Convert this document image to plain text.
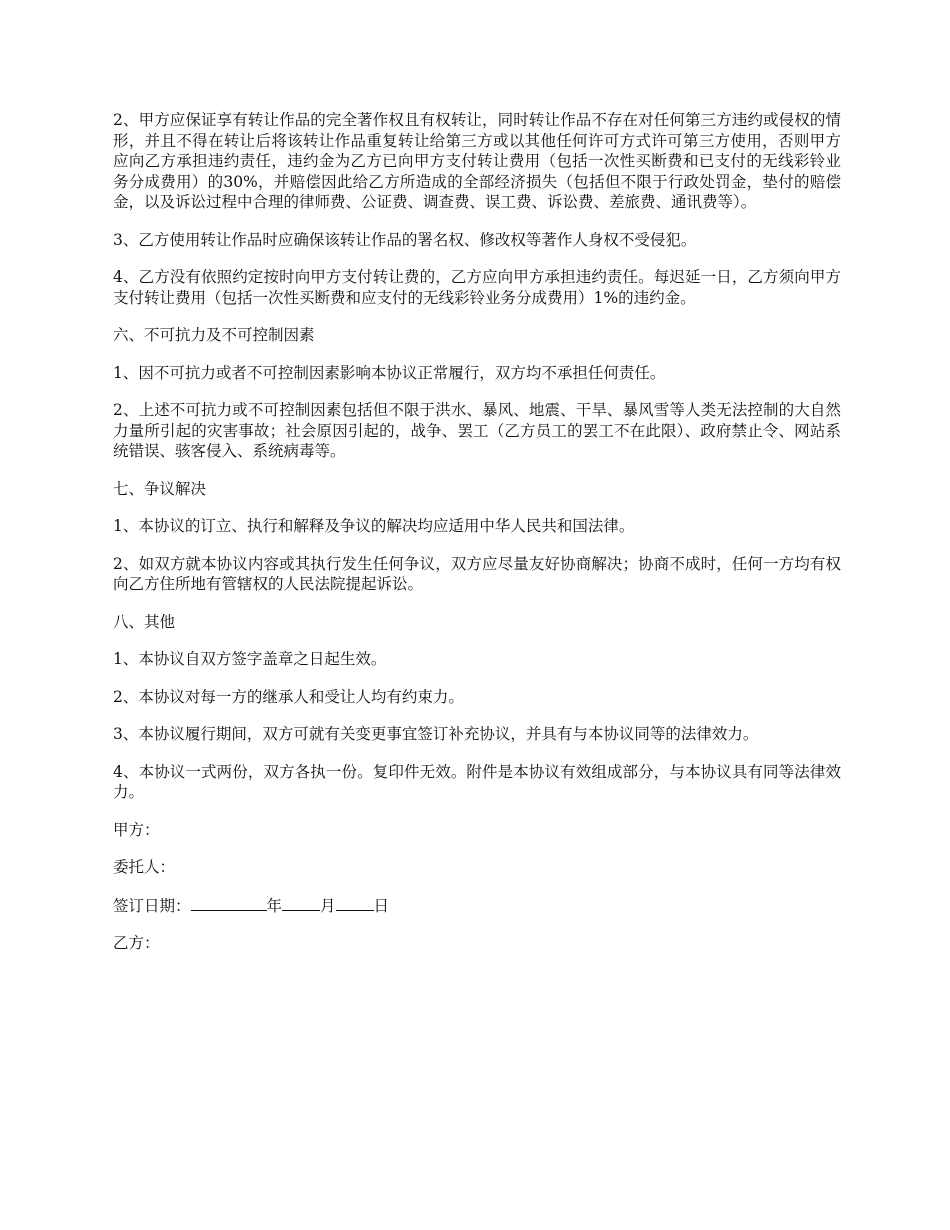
2、甲方应保证享有转让作品的完全著作权且有权转让，同时转让作品不存在对任何第三方违约或侵权的情形，并且不得在转让后将该转让作品重复转让给第三方或以其他任何许可方式许可第三方使用，否则甲方应向乙方承担违约责任，违约金为乙方已向甲方支付转让费用（包括一次性买断费和已支付的无线彩铃业务分成费用）的30%，并赔偿因此给乙方所造成的全部经济损失（包括但不限于行政处罚金，垫付的赔偿金，以及诉讼过程中合理的律师费、公证费、调查费、误工费、诉讼费、差旅费、通讯费等）。

3、乙方使用转让作品时应确保该转让作品的署名权、修改权等著作人身权不受侵犯。

4、乙方没有依照约定按时向甲方支付转让费的，乙方应向甲方承担违约责任。每迟延一日，乙方须向甲方支付转让费用（包括一次性买断费和应支付的无线彩铃业务分成费用）1%的违约金。

六、不可抗力及不可控制因素

1、因不可抗力或者不可控制因素影响本协议正常履行，双方均不承担任何责任。

2、上述不可抗力或不可控制因素包括但不限于洪水、暴风、地震、干旱、暴风雪等人类无法控制的大自然力量所引起的灾害事故；社会原因引起的，战争、罢工（乙方员工的罢工不在此限）、政府禁止令、网站系统错误、骇客侵入、系统病毒等。

七、争议解决

1、本协议的订立、执行和解释及争议的解决均应适用中华人民共和国法律。

2、如双方就本协议内容或其执行发生任何争议，双方应尽量友好协商解决；协商不成时，任何一方均有权向乙方住所地有管辖权的人民法院提起诉讼。

八、其他

1、本协议自双方签字盖章之日起生效。

2、本协议对每一方的继承人和受让人均有约束力。

3、本协议履行期间，双方可就有关变更事宜签订补充协议，并具有与本协议同等的法律效力。

4、本协议一式两份，双方各执一份。复印件无效。附件是本协议有效组成部分，与本协议具有同等法律效力。

甲方：

委托人：

签订日期：	年 月 日

乙方：
